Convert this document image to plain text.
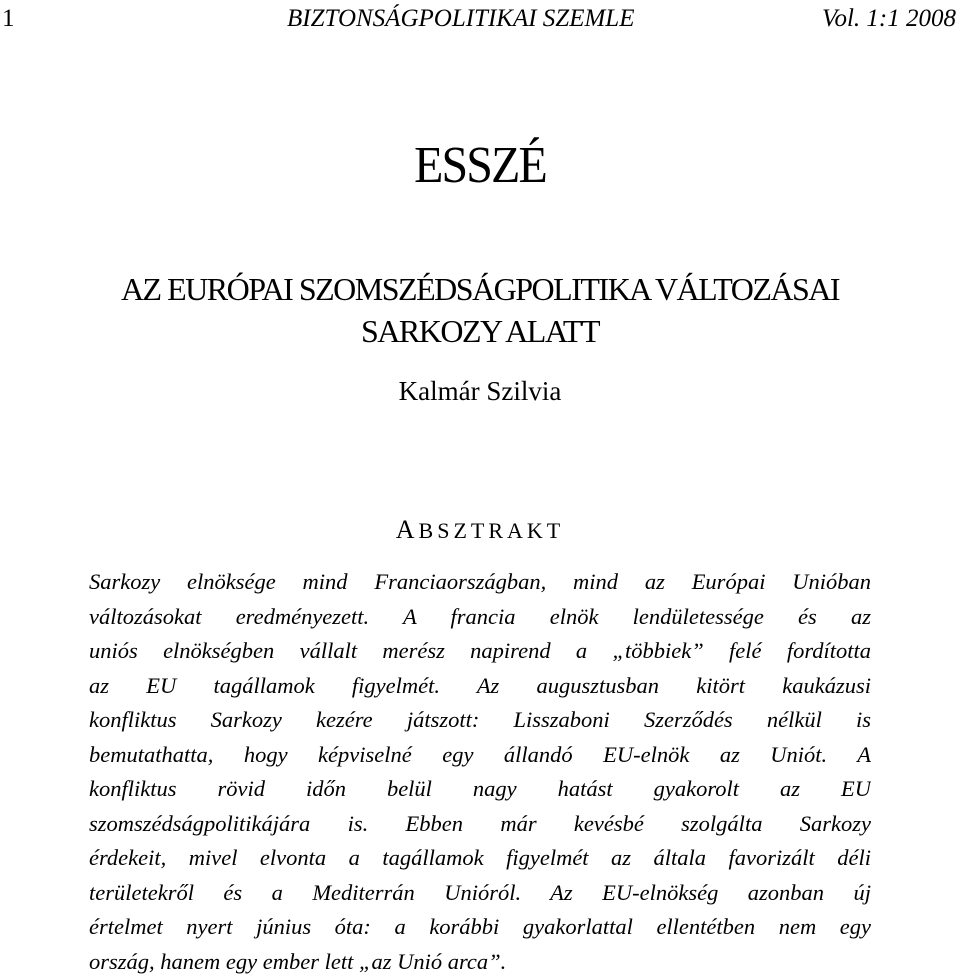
1	BIZTONSÁGPOLITIKAI SZEMLE	Vol. 1:1 2008
ESSZÉ
AZ EURÓPAI SZOMSZÉDSÁGPOLITIKA VÁLTOZÁSAI
SARKOZY ALATT
Kalmár Szilvia
ABSZTRAKT
Sarkozy elnöksége mind Franciaországban, mind az Európai Unióban
változásokat eredményezett. A francia elnök lendületessége és az
uniós elnökségben vállalt merész napirend a „többiek” felé fordította
az EU tagállamok figyelmét. Az augusztusban kitört kaukázusi
konfliktus Sarkozy kezére játszott: Lisszaboni Szerződés nélkül is
bemutathatta, hogy képviselné egy állandó EU-elnök az Uniót. A
konfliktus rövid időn belül nagy hatást gyakorolt az EU
szomszédságpolitikájára is. Ebben már kevésbé szolgálta Sarkozy
érdekeit, mivel elvonta a tagállamok figyelmét az általa favorizált déli
területekről és a Mediterrán Unióról. Az EU-elnökség azonban új
értelmet nyert június óta: a korábbi gyakorlattal ellentétben nem egy
ország, hanem egy ember lett „az Unió arca”.
